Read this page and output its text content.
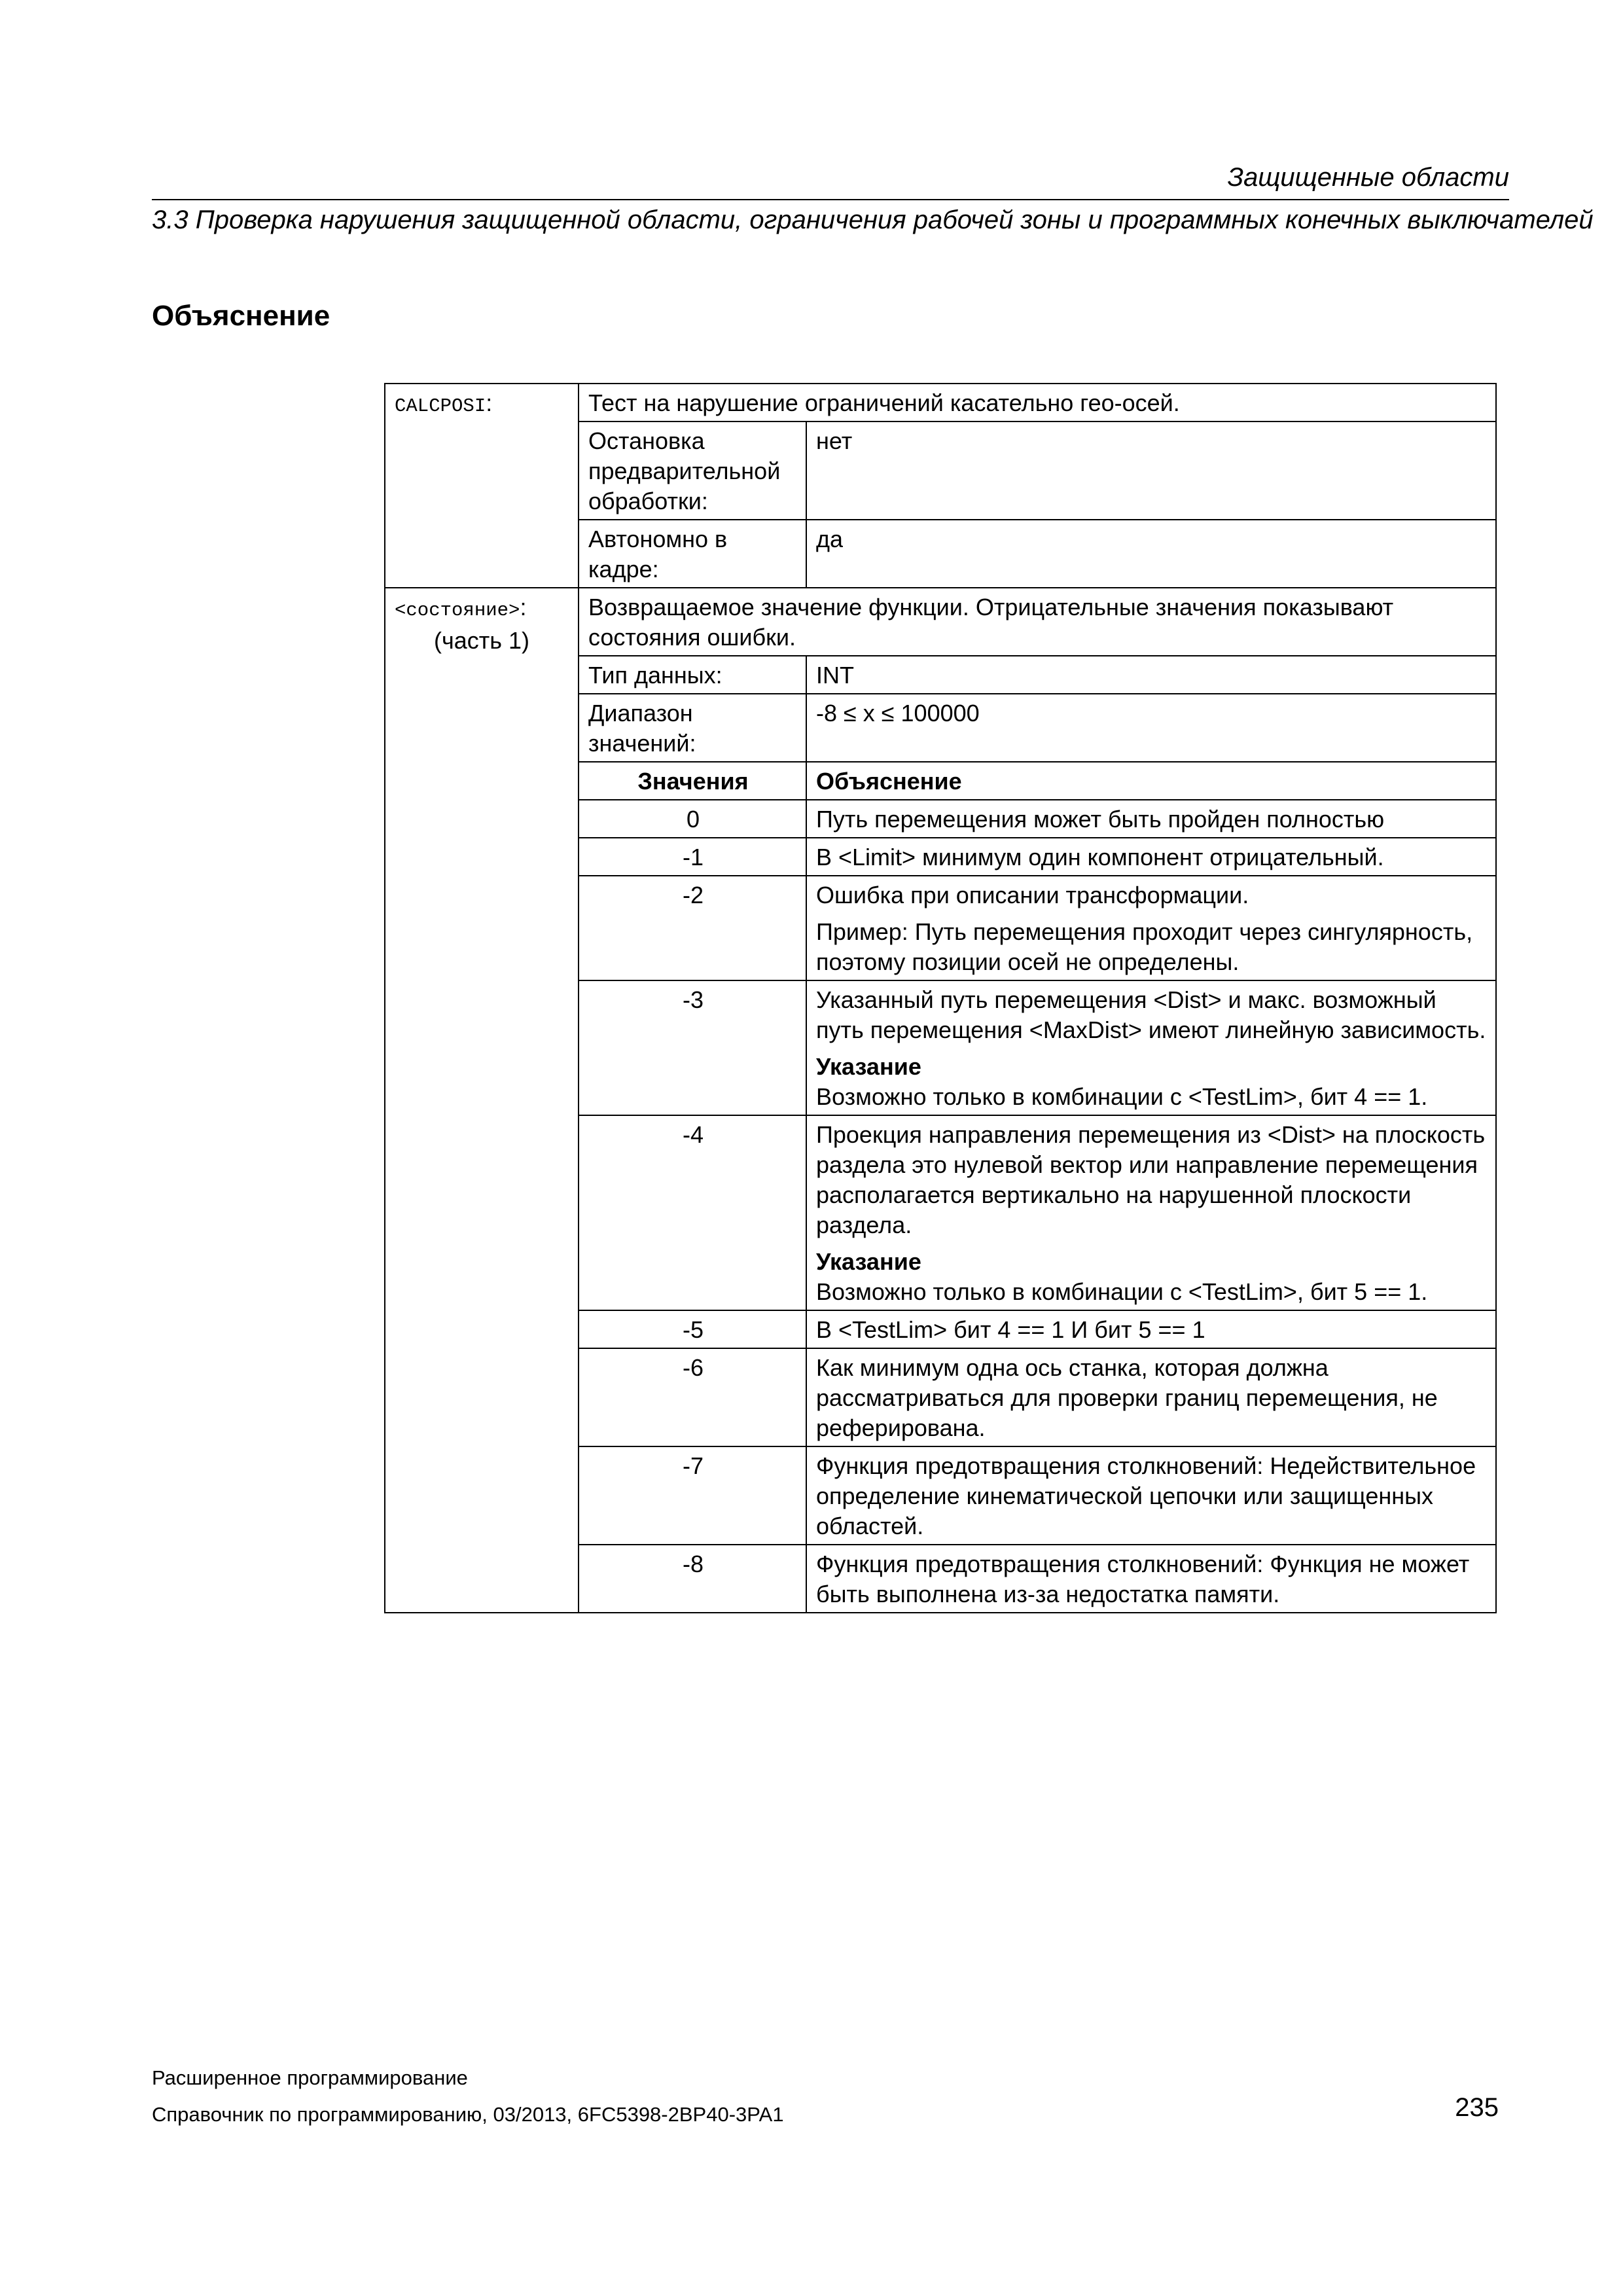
Защищенные области
3.3 Проверка нарушения защищенной области, ограничения рабочей зоны и программных конечных выключателей
Объяснение
CALCPOSI:	Тест на нарушение ограничений касательно гео-осей.	
	Остановка предварительной обработки:	нет
	Автономно в кадре:	да
<состояние>:
(часть 1)	Возвращаемое значение функции. Отрицательные значения показывают состояния ошибки.	
	Тип данных:	INT
	Диапазон значений:	-8 ≤ x ≤ 100000
	Значения	Объяснение
	0	Путь перемещения может быть пройден полностью
	-1	В <Limit> минимум один компонент отрицательный.
	-2	Ошибка при описании трансформации.
Пример: Путь перемещения проходит через сингулярность, поэтому позиции осей не определены.

	-3	Указанный путь перемещения <Dist> и макс. возможный путь перемещения <MaxDist> имеют линейную зависимость.
Указание
Возможно только в комбинации с <TestLim>, бит 4 == 1.

	-4	Проекция направления перемещения из <Dist> на плоскость раздела это нулевой вектор или направление перемещения располагается вертикально на нарушенной плоскости раздела.
Указание
Возможно только в комбинации с <TestLim>, бит 5 == 1.

	-5	В <TestLim> бит 4 == 1 И бит 5 == 1
	-6	Как минимум одна ось станка, которая должна рассматриваться для проверки границ перемещения, не реферирована.
	-7	Функция предотвращения столкновений: Недействительное определение кинематической цепочки или защищенных областей.
	-8	Функция предотвращения столкновений: Функция не может быть выполнена из-за недостатка памяти.
Расширенное программирование
Справочник по программированию, 03/2013, 6FC5398-2BP40-3PA1	235
